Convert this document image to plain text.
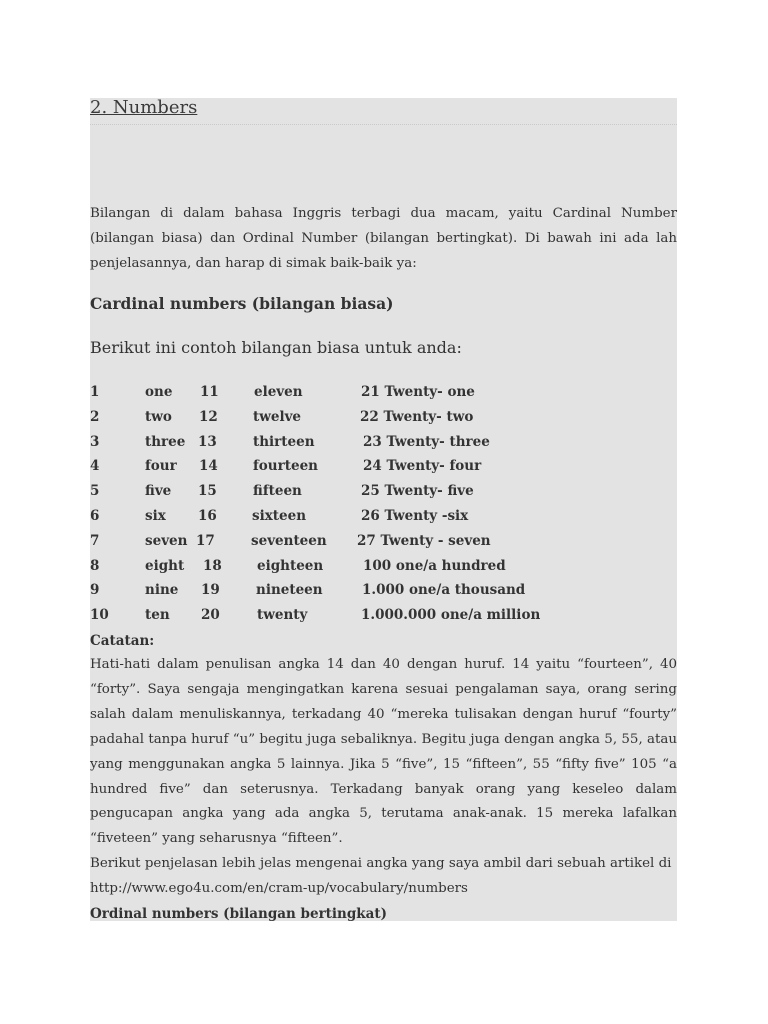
2. Numbers

Bilangan di dalam bahasa Inggris terbagi dua macam, yaitu Cardinal Number (bilangan biasa) dan Ordinal Number (bilangan bertingkat). Di bawah ini ada lah penjelasannya, dan harap di simak baik-baik ya:

Cardinal numbers (bilangan biasa)
Berikut ini contoh bilangan biasa untuk anda:
1	one 11	eleven	21 Twenty- one
2	two 12	twelve	22 Twenty- two
3	three 13	thirteen	23 Twenty- three
4	four 14	fourteen	24 Twenty- four
5	five 15	fifteen	25 Twenty- five
6	six 16	sixteen	26 Twenty -six
7	seven 17	seventeen 27 Twenty - seven
8	eight 18	eighteen	100 one/a hundred
9	nine 19	nineteen	1.000 one/a thousand
10	ten 20	twenty	1.000.000 one/a million
Catatan:

Hati-hati dalam penulisan angka 14 dan 40 dengan huruf. 14 yaitu “fourteen”, 40 “forty”. Saya sengaja mengingatkan karena sesuai pengalaman saya, orang sering salah dalam menuliskannya, terkadang 40 “mereka tulisakan dengan huruf “fourty” padahal tanpa huruf “u” begitu juga sebaliknya. Begitu juga dengan angka 5, 55, atau yang menggunakan angka 5 lainnya. Jika 5 “five”, 15 “fifteen”, 55 “fifty five” 105 “a hundred five” dan seterusnya. Terkadang banyak orang yang keseleo dalam pengucapan angka yang ada angka 5, terutama anak-anak. 15 mereka lafalkan “fiveteen” yang seharusnya “fifteen”.

Berikut penjelasan lebih jelas mengenai angka yang saya ambil dari sebuah artikel di
http://www.ego4u.com/en/cram-up/vocabulary/numbers

Ordinal numbers (bilangan bertingkat)
